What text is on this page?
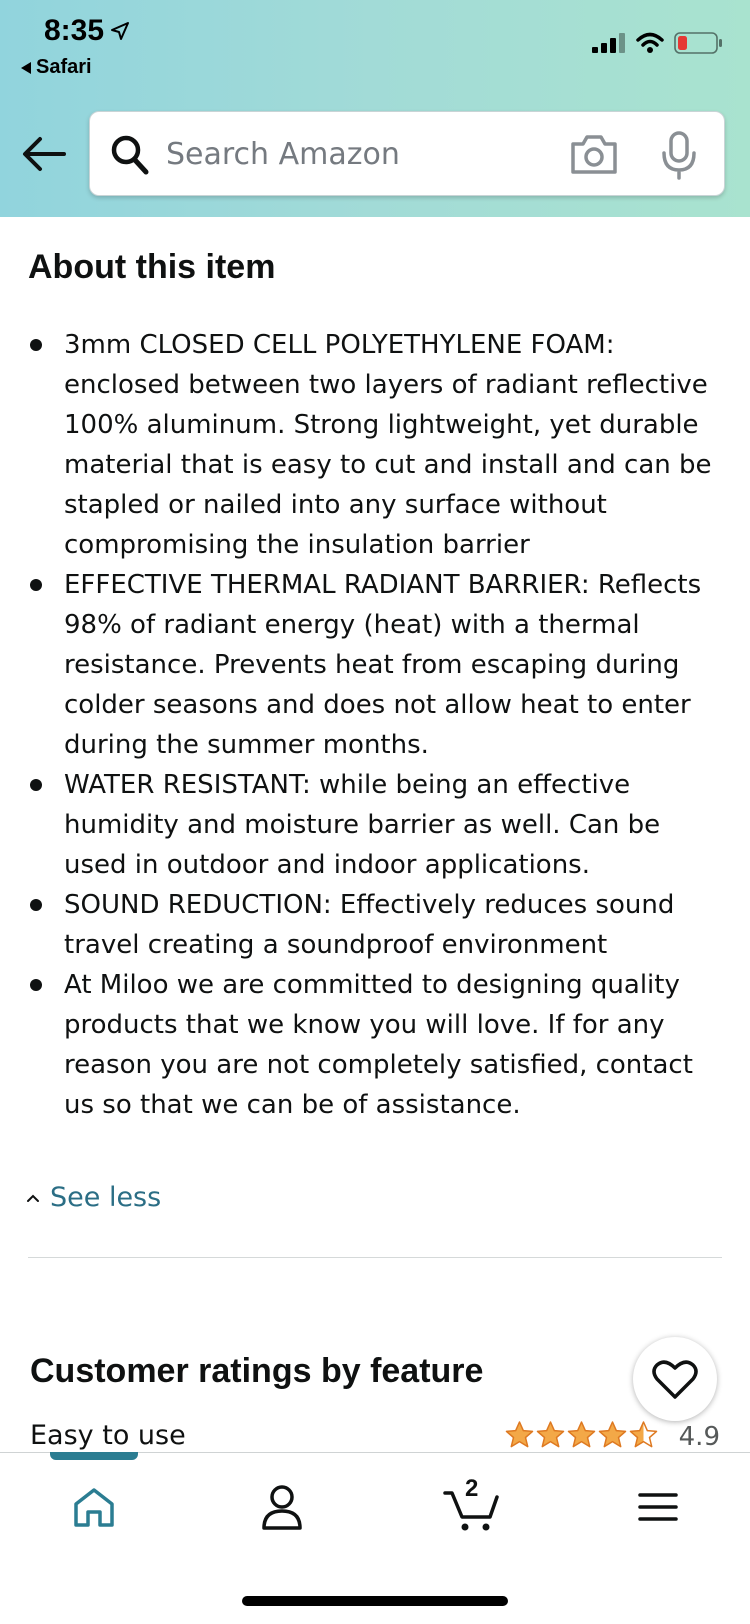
8:35
Safari
Search Amazon
About this item
3mm CLOSED CELL POLYETHYLENE FOAM: enclosed between two layers of radiant reflective 100% aluminum. Strong lightweight, yet durable material that is easy to cut and install and can be stapled or nailed into any surface without compromising the insulation barrier
EFFECTIVE THERMAL RADIANT BARRIER: Reflects 98% of radiant energy (heat) with a thermal resistance. Prevents heat from escaping during colder seasons and does not allow heat to enter during the summer months.
WATER RESISTANT: while being an effective humidity and moisture barrier as well. Can be used in outdoor and indoor applications.
SOUND REDUCTION: Effectively reduces sound travel creating a soundproof environment
At Miloo we are committed to designing quality products that we know you will love. If for any reason you are not completely satisfied, contact us so that we can be of assistance.
See less
Customer ratings by feature
Easy to use	4.9
2
